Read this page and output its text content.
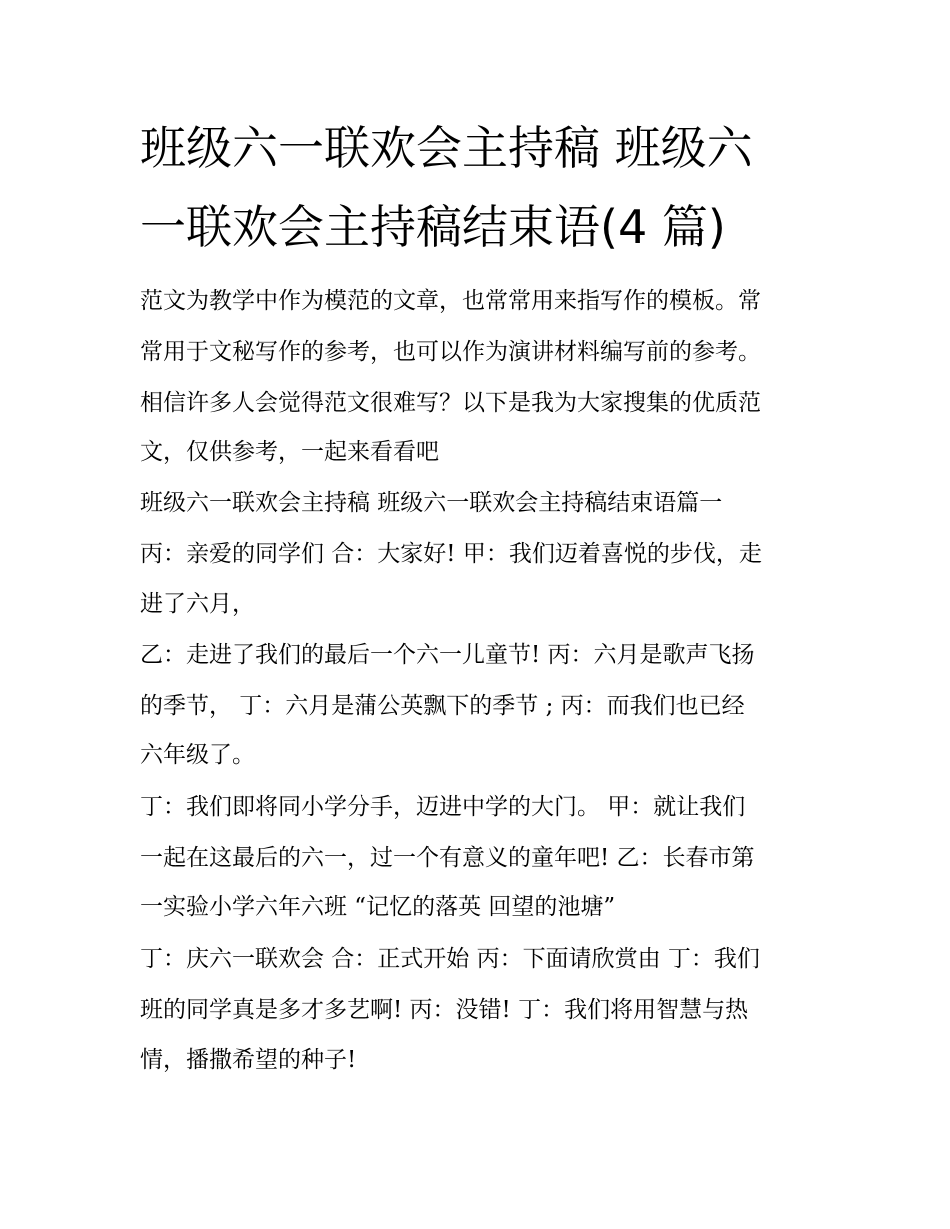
班级六一联欢会主持稿 班级六
一联欢会主持稿结束语(4 篇)

范文为教学中作为模范的文章，也常常用来指写作的模板。常

常用于文秘写作的参考，也可以作为演讲材料编写前的参考。

相信许多人会觉得范文很难写？以下是我为大家搜集的优质范

文，仅供参考，一起来看看吧

班级六一联欢会主持稿 班级六一联欢会主持稿结束语篇一

丙：亲爱的同学们 合：大家好! 甲：我们迈着喜悦的步伐，走

进了六月，

乙：走进了我们的最后一个六一儿童节! 丙：六月是歌声飞扬

的季节， 丁：六月是蒲公英飘下的季节 ; 丙：而我们也已经

六年级了。

丁：我们即将同小学分手，迈进中学的大门。 甲：就让我们

一起在这最后的六一，过一个有意义的童年吧! 乙：长春市第

一实验小学六年六班 “记忆的落英 回望的池塘”

丁：庆六一联欢会 合：正式开始 丙：下面请欣赏由 丁：我们

班的同学真是多才多艺啊! 丙：没错! 丁：我们将用智慧与热

情，播撒希望的种子!
